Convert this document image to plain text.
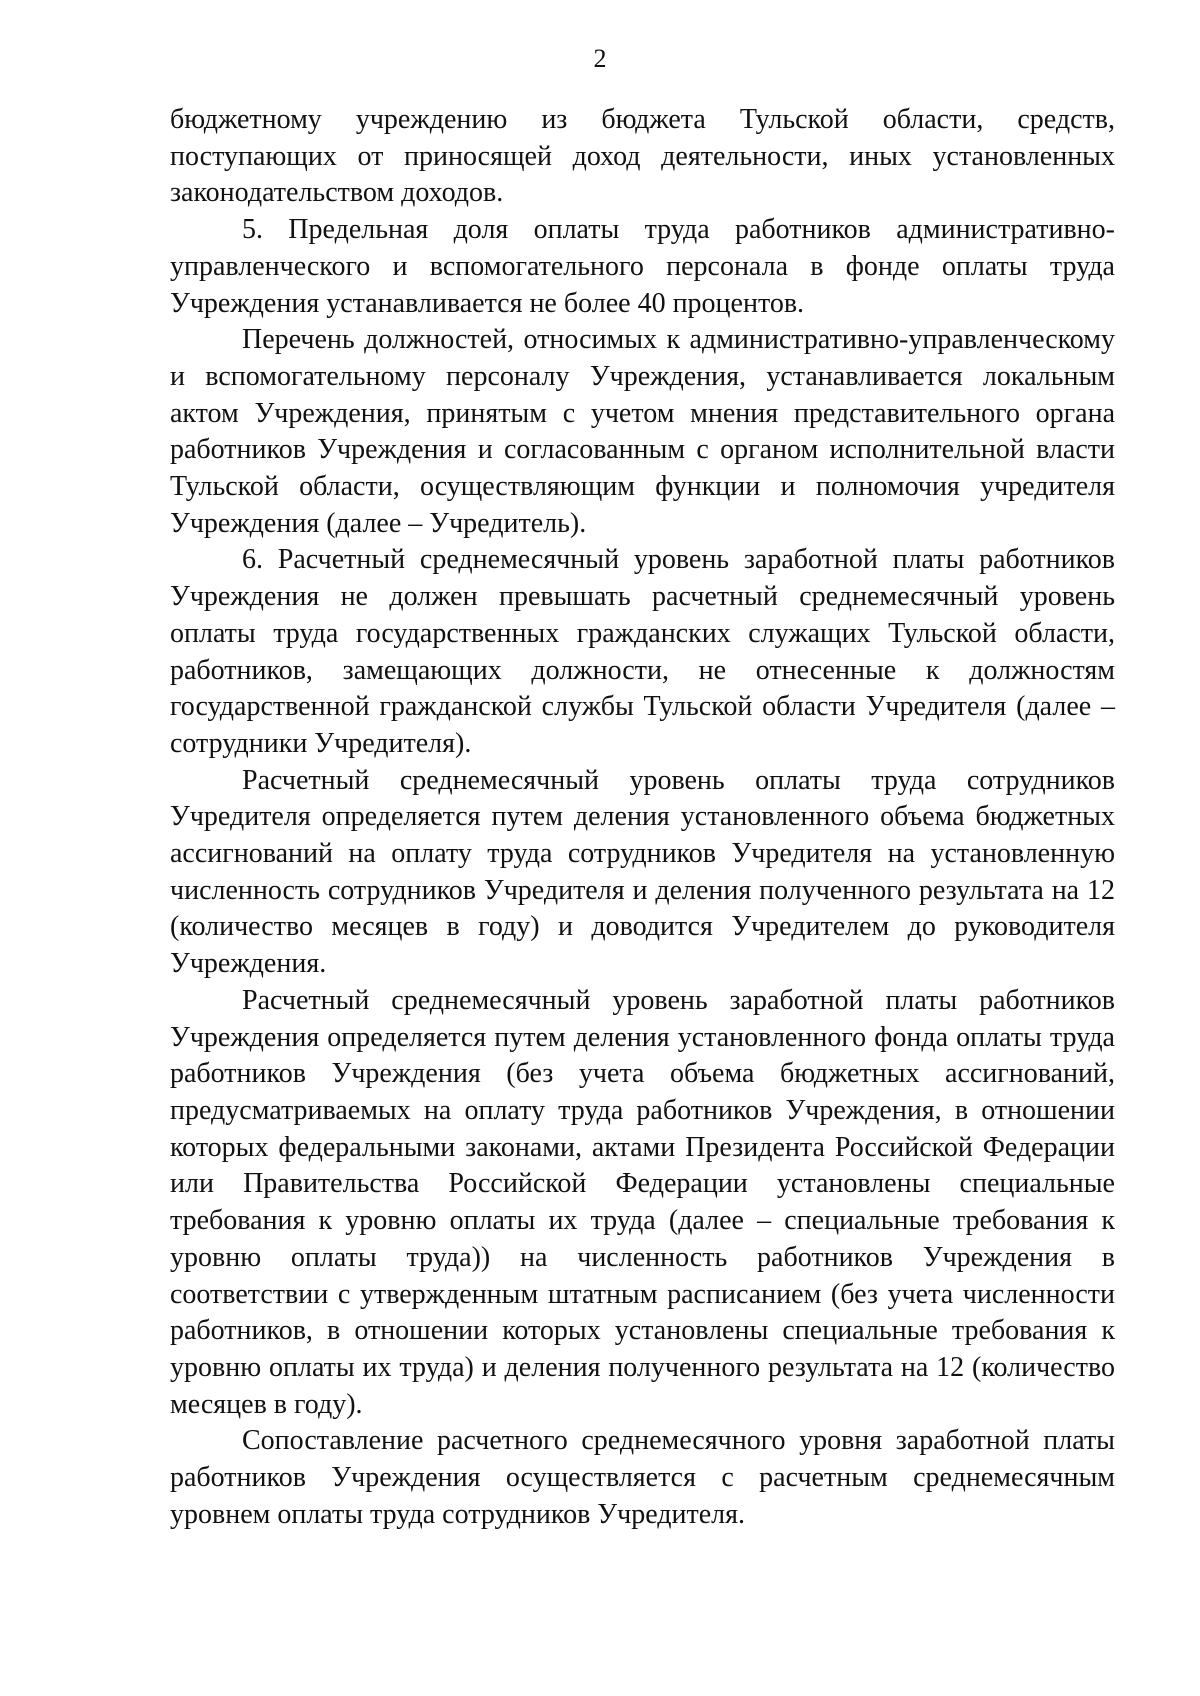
2

бюджетному учреждению из бюджета Тульской области, средств, поступающих от приносящей доход деятельности, иных установленных законодательством доходов.

5. Предельная доля оплаты труда работников административно-управленческого и вспомогательного персонала в фонде оплаты труда Учреждения устанавливается не более 40 процентов.

Перечень должностей, относимых к административно-управленческому и вспомогательному персоналу Учреждения, устанавливается локальным актом Учреждения, принятым с учетом мнения представительного органа работников Учреждения и согласованным с органом исполнительной власти Тульской области, осуществляющим функции и полномочия учредителя Учреждения (далее – Учредитель).

6. Расчетный среднемесячный уровень заработной платы работников Учреждения не должен превышать расчетный среднемесячный уровень оплаты труда государственных гражданских служащих Тульской области, работников, замещающих должности, не отнесенные к должностям государственной гражданской службы Тульской области Учредителя (далее – сотрудники Учредителя).

Расчетный среднемесячный уровень оплаты труда сотрудников Учредителя определяется путем деления установленного объема бюджетных ассигнований на оплату труда сотрудников Учредителя на установленную численность сотрудников Учредителя и деления полученного результата на 12 (количество месяцев в году) и доводится Учредителем до руководителя Учреждения.

Расчетный среднемесячный уровень заработной платы работников Учреждения определяется путем деления установленного фонда оплаты труда работников Учреждения (без учета объема бюджетных ассигнований, предусматриваемых на оплату труда работников Учреждения, в отношении которых федеральными законами, актами Президента Российской Федерации или Правительства Российской Федерации установлены специальные требования к уровню оплаты их труда (далее – специальные требования к уровню оплаты труда)) на численность работников Учреждения в соответствии с утвержденным штатным расписанием (без учета численности работников, в отношении которых установлены специальные требования к уровню оплаты их труда) и деления полученного результата на 12 (количество месяцев в году).

Сопоставление расчетного среднемесячного уровня заработной платы работников Учреждения осуществляется с расчетным среднемесячным уровнем оплаты труда сотрудников Учредителя.
